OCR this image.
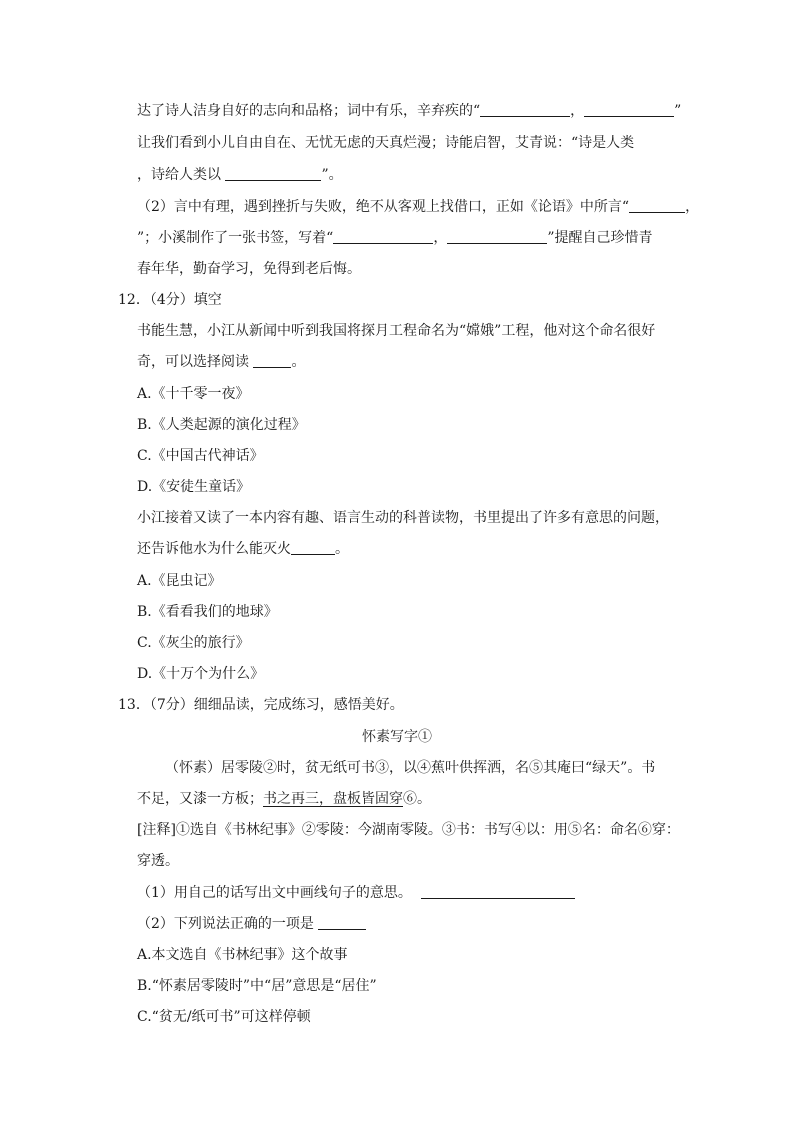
达了诗人洁身自好的志向和品格；词中有乐，辛弃疾的“	，	”
让我们看到小儿自由自在、无忧无虑的天真烂漫；诗能启智，艾青说：“诗是人类
，诗给人类以	”。
（2）言中有理，遇到挫折与失败，绝不从客观上找借口，正如《论语》中所言“	，
”；小溪制作了一张书签，写着“	，	”提醒自己珍惜青
春年华，勤奋学习，免得到老后悔。
12．（4分）填空
书能生慧，小江从新闻中听到我国将探月工程命名为“嫦娥”工程，他对这个命名很好
奇，可以选择阅读	。
A.《十千零一夜》
B.《人类起源的演化过程》
C.《中国古代神话》
D.《安徒生童话》
小江接着又读了一本内容有趣、语言生动的科普读物，书里提出了许多有意思的问题，
还告诉他水为什么能灭火	。
A.《昆虫记》
B.《看看我们的地球》
C.《灰尘的旅行》
D.《十万个为什么》
13．（7分）细细品读，完成练习，感悟美好。
怀素写字①
（怀素）居零陵②时，贫无纸可书③，以④蕉叶供挥洒，名⑤其庵曰“绿天”。书
不足，又漆一方板；书之再三，盘板皆固穿⑥。
[注释]①选自《书林纪事》②零陵：今湖南零陵。③书：书写④以：用⑤名：命名⑥穿：
穿透。
（1）用自己的话写出文中画线句子的意思。
（2）下列说法正确的一项是
A.本文选自《书林纪事》这个故事
B.“怀素居零陵时”中“居”意思是“居住”
C.“贫无/纸可书”可这样停顿
